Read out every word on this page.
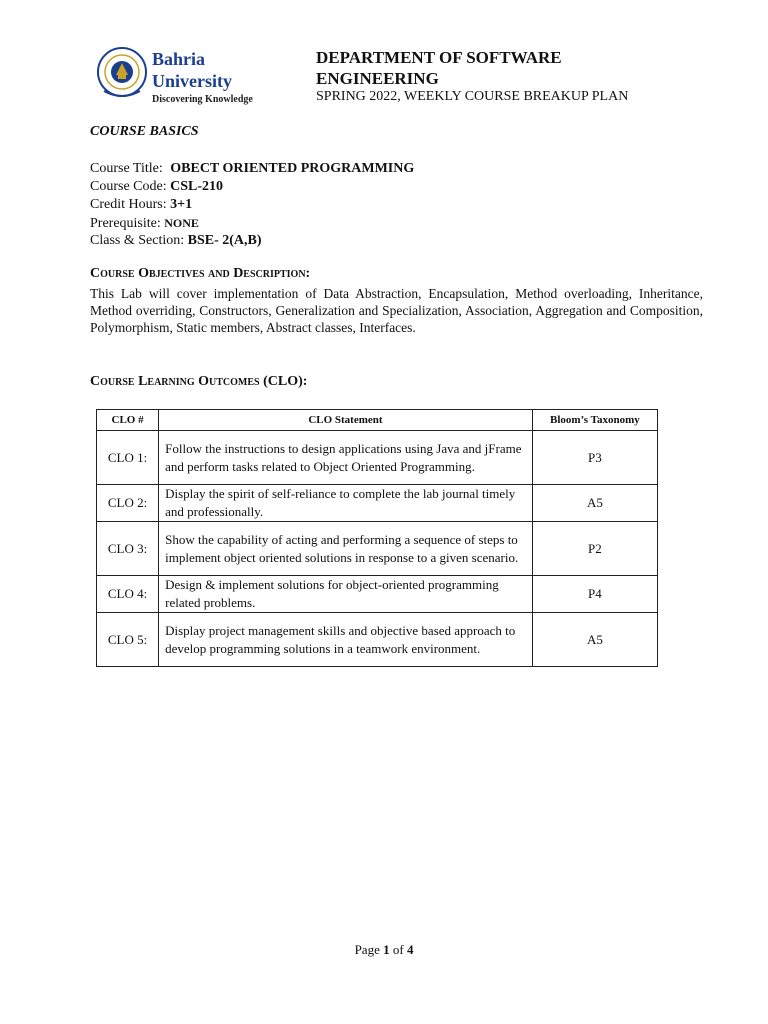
Bahria
University
Discovering Knowledge
DEPARTMENT OF SOFTWARE ENGINEERING
SPRING 2022, WEEKLY COURSE BREAKUP PLAN
COURSE BASICS
Course Title: OBECT ORIENTED PROGRAMMING
Course Code: CSL-210
Credit Hours: 3+1
Prerequisite: NONE
Class & Section: BSE- 2(A,B)
Course Objectives and Description:
This Lab will cover implementation of Data Abstraction, Encapsulation, Method overloading, Inheritance, Method overriding, Constructors, Generalization and Specialization, Association, Aggregation and Composition, Polymorphism, Static members, Abstract classes, Interfaces.
Course Learning Outcomes (CLO):
CLO #	CLO Statement	Bloom’s Taxonomy
CLO 1:	Follow the instructions to design applications using Java and jFrame and perform tasks related to Object Oriented Programming.	P3
CLO 2:	Display the spirit of self-reliance to complete the lab journal timely and professionally.	A5
CLO 3:	Show the capability of acting and performing a sequence of steps to implement object oriented solutions in response to a given scenario.	P2
CLO 4:	Design & implement solutions for object-oriented programming related problems.	P4
CLO 5:	Display project management skills and objective based approach to develop programming solutions in a teamwork environment.	A5
Page 1 of 4
